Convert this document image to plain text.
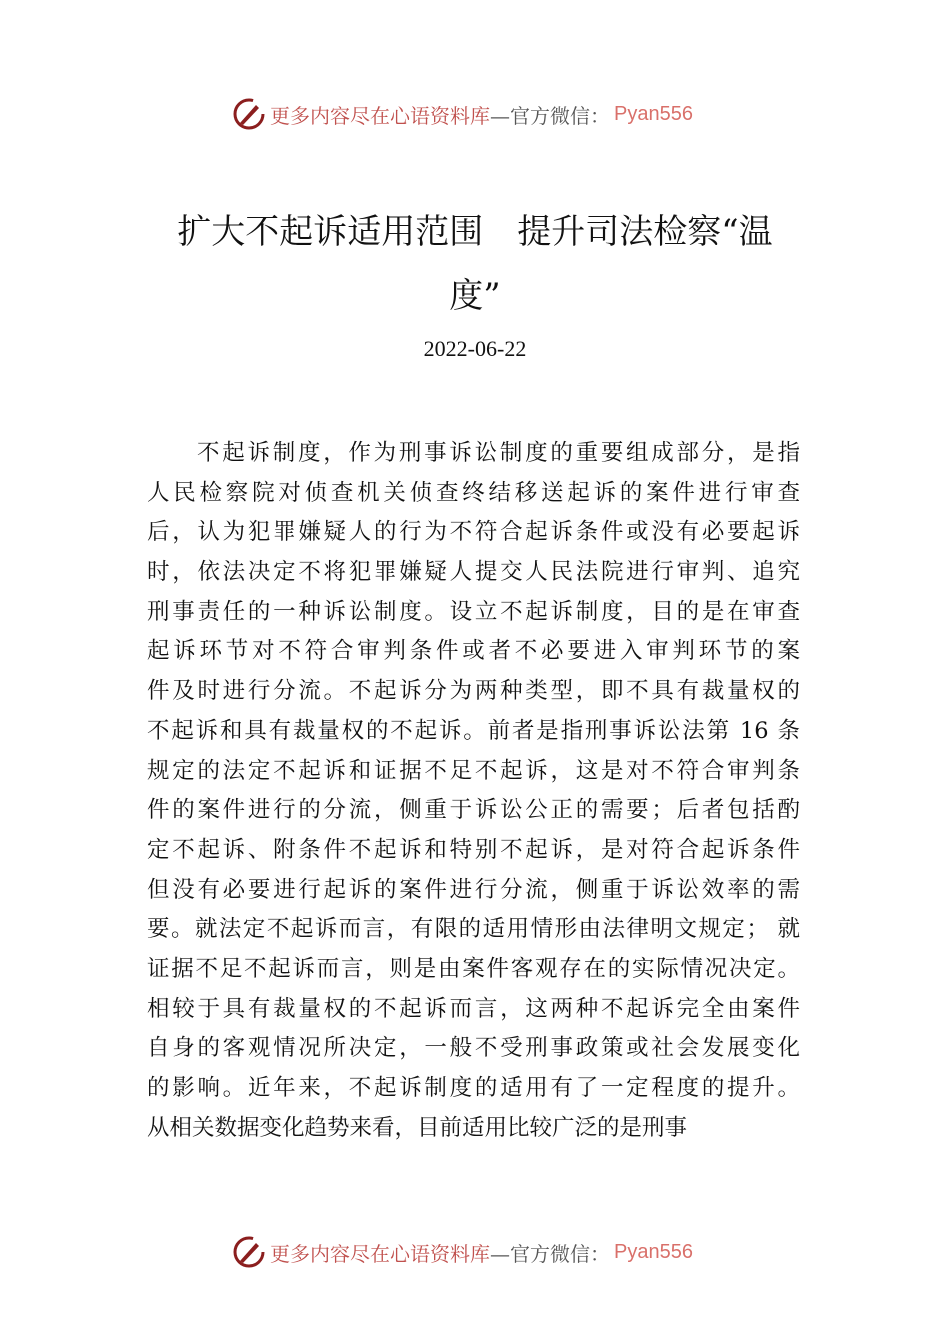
更多内容尽在心语资料库 —官方微信： Pyan556
扩大不起诉适用范围　提升司法检察“温
度”
2022-06-22
不起诉制度，作为刑事诉讼制度的重要组成部分，是指
人民检察院对侦查机关侦查终结移送起诉的案件进行审查
后，认为犯罪嫌疑人的行为不符合起诉条件或没有必要起诉
时，依法决定不将犯罪嫌疑人提交人民法院进行审判、追究
刑事责任的一种诉讼制度。设立不起诉制度，目的是在审查
起诉环节对不符合审判条件或者不必要进入审判环节的案
件及时进行分流。不起诉分为两种类型，即不具有裁量权的
不起诉和具有裁量权的不起诉。前者是指刑事诉讼法第 16 条
规定的法定不起诉和证据不足不起诉，这是对不符合审判条
件的案件进行的分流，侧重于诉讼公正的需要；后者包括酌
定不起诉、附条件不起诉和特别不起诉，是对符合起诉条件
但没有必要进行起诉的案件进行分流，侧重于诉讼效率的需
要。就法定不起诉而言，有限的适用情形由法律明文规定； 就
证据不足不起诉而言，则是由案件客观存在的实际情况决定。
相较于具有裁量权的不起诉而言，这两种不起诉完全由案件
自身的客观情况所决定，一般不受刑事政策或社会发展变化
的影响。近年来，不起诉制度的适用有了一定程度的提升。
从相关数据变化趋势来看，目前适用比较广泛的是刑事
更多内容尽在心语资料库 —官方微信： Pyan556
